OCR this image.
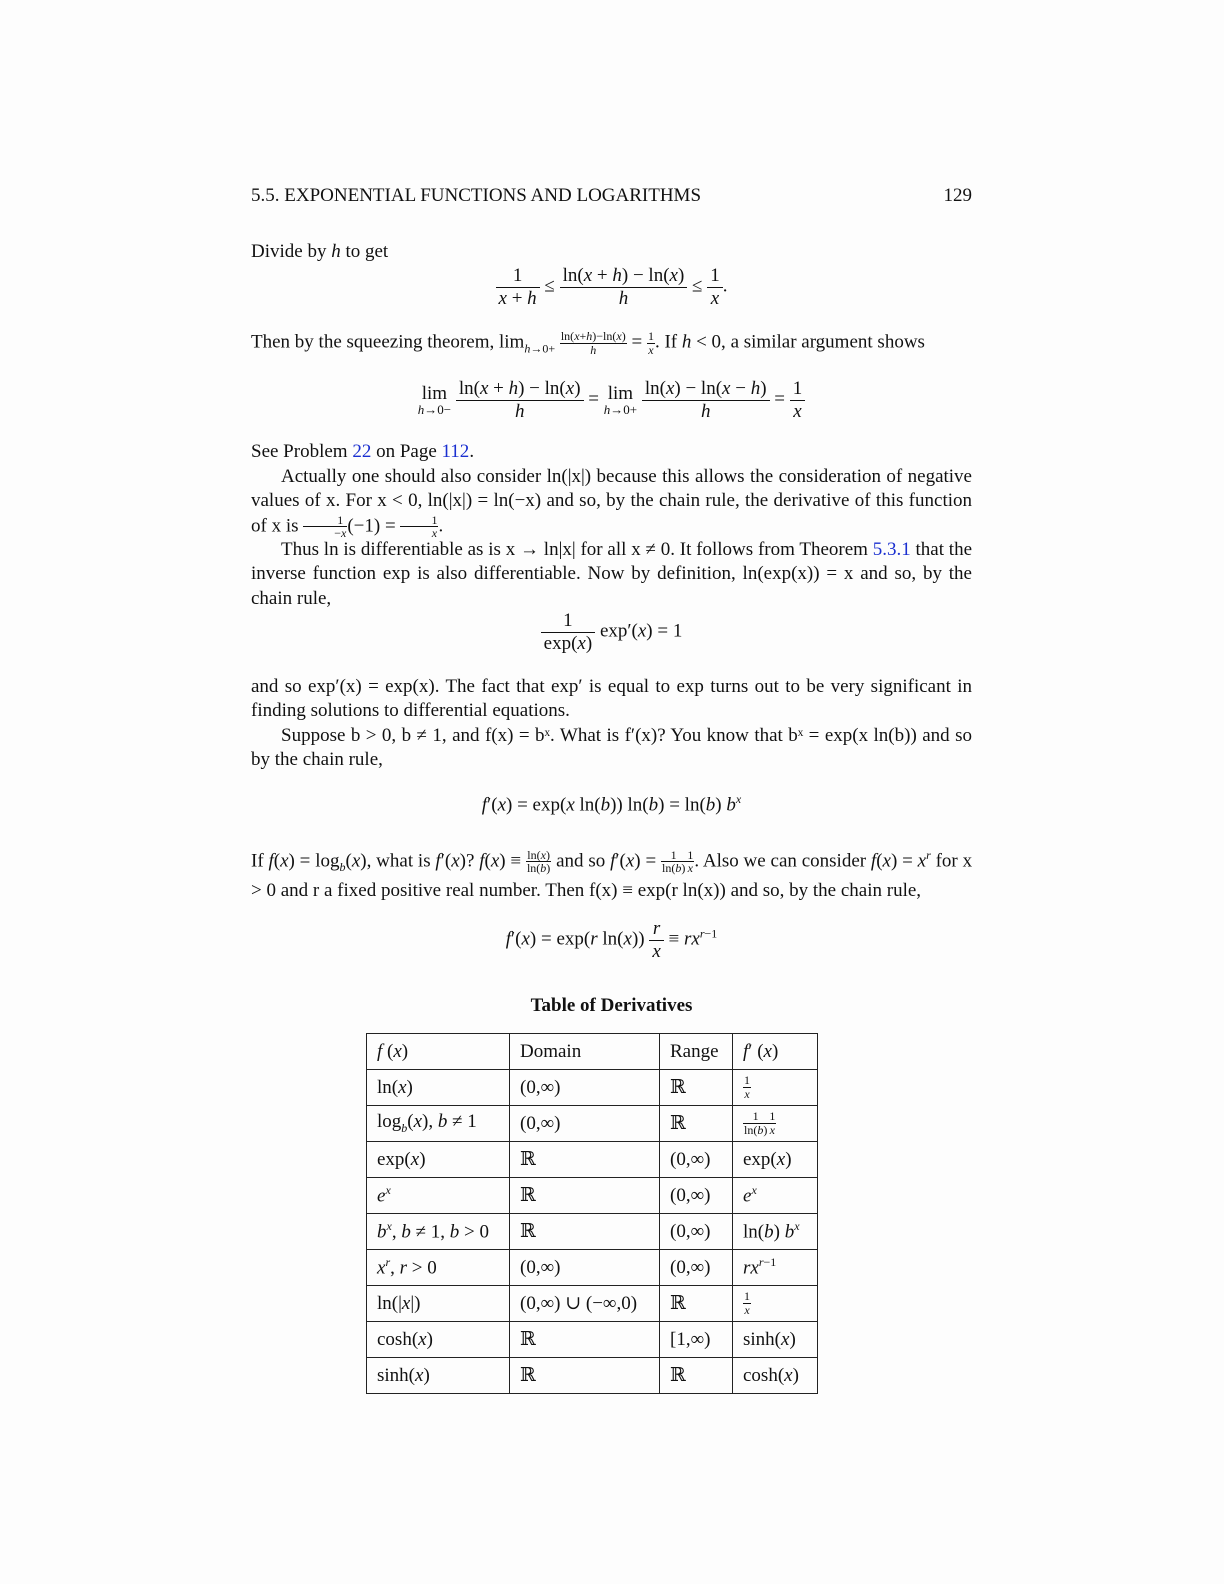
5.5. EXPONENTIAL FUNCTIONS AND LOGARITHMS	129
Divide by h to get
$\frac{1}{x + h} \le \frac{\ln(x + h) - \ln(x)}{h} \le \frac{1}{x}$ .
Then by the squeezing theorem, $\lim_{h\to 0+} \frac{\ln(x+h)-\ln(x)}{h} = \frac{1}{x}$ . If h < 0, a similar argument shows
lim
h→0−
$\frac{\ln(x + h) - \ln(x)}{h} = \lim$
h→0+
$\frac{\ln(x) - \ln(x - h)}{h} = \frac{1}{x}$
See Problem 22 on Page 112.
Actually one should also consider ln(|x|) because this allows the consideration of negative values of x. For x < 0, ln(|x|) = ln(−x) and so, by the chain rule, the derivative of this function of x is $\frac{1}{-x} (-1) = \frac{1}{x}$ .
Thus ln is differentiable as is x → ln|x| for all x ≠ 0. It follows from Theorem 5.3.1 that the inverse function exp is also differentiable. Now by definition, ln(exp(x)) = x and so, by the chain rule,
$\frac{1}{\exp(x)} \exp'(x) = 1$
and so exp′(x) = exp(x). The fact that exp′ is equal to exp turns out to be very significant in finding solutions to differential equations.
Suppose b > 0, b ≠ 1, and f(x) = bˣ. What is f′(x)? You know that bˣ = exp(x ln(b)) and so by the chain rule,
f′(x) = exp(x ln(b)) ln(b) = ln(b) $b^x$
If $f(x) = \log_b(x)$, what is f′(x)? $f(x) \equiv \frac{\ln(x)}{\ln(b)}$ and so $f'(x) = \frac{1}{\ln(b)} \frac{1}{x}$ . Also we can consider $f(x) = x^r$ for x > 0 and r a fixed positive real number. Then f(x) ≡ exp(r ln(x)) and so, by the chain rule,
f′(x) = exp(r $\ln(x)) \frac{r}{x} \equiv rx^{r-1}$
Table of Derivatives
f (x)	Domain	Range	f′ (x)
ln(x)	(0,∞)	ℝ	$\frac{1}{x}$

$\log_b(x)$, b ≠ 1	(0,∞)	ℝ	$\frac{1}{\ln(b)} \frac{1}{x}$

exp(x)	ℝ	(0,∞)	exp(x)
$e^x$	ℝ	(0,∞)	$e^x$
$b^x$, b ≠ 1, b > 0	ℝ	(0,∞)	ln(b) $b^x$
$x^r$, r > 0	(0,∞)	(0,∞)	$rx^{r-1}$
ln(|x|)	(0,∞) ∪ (−∞,0)	ℝ	$\frac{1}{x}$

cosh(x)	ℝ	[1,∞)	sinh(x)
sinh(x)	ℝ	ℝ	cosh(x)
